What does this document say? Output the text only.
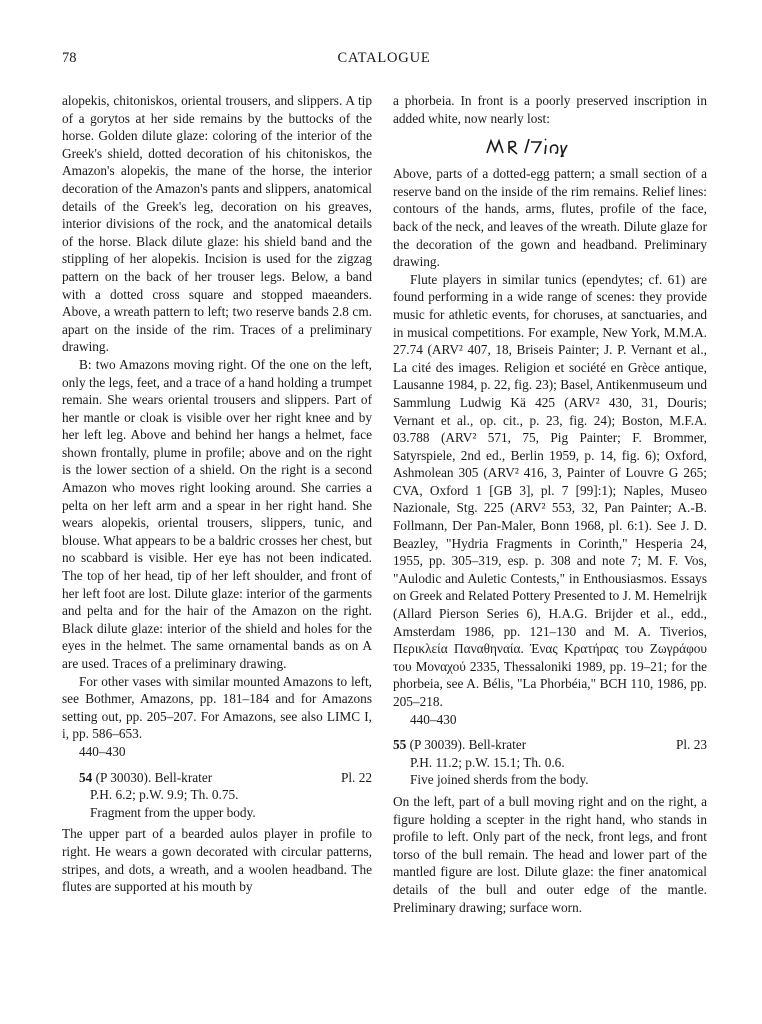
78	CATALOGUE

alopekis, chitoniskos, oriental trousers, and slippers. A tip of a gorytos at her side remains by the buttocks of the horse. Golden dilute glaze: coloring of the interior of the Greek's shield, dotted decoration of his chitoniskos, the Amazon's alopekis, the mane of the horse, the interior decoration of the Amazon's pants and slippers, anatomical details of the Greek's leg, decoration on his greaves, interior divisions of the rock, and the anatomical details of the horse. Black dilute glaze: his shield band and the stippling of her alopekis. Incision is used for the zigzag pattern on the back of her trouser legs. Below, a band with a dotted cross square and stopped maeanders. Above, a wreath pattern to left; two reserve bands 2.8 cm. apart on the inside of the rim. Traces of a preliminary drawing.

B: two Amazons moving right. Of the one on the left, only the legs, feet, and a trace of a hand holding a trumpet remain. She wears oriental trousers and slippers. Part of her mantle or cloak is visible over her right knee and by her left leg. Above and behind her hangs a helmet, face shown frontally, plume in profile; above and on the right is the lower section of a shield. On the right is a second Amazon who moves right looking around. She carries a pelta on her left arm and a spear in her right hand. She wears alopekis, oriental trousers, slippers, tunic, and blouse. What appears to be a baldric crosses her chest, but no scabbard is visible. Her eye has not been indicated. The top of her head, tip of her left shoulder, and front of her left foot are lost. Dilute glaze: interior of the garments and pelta and for the hair of the Amazon on the right. Black dilute glaze: interior of the shield and holes for the eyes in the helmet. The same ornamental bands as on A are used. Traces of a preliminary drawing.

For other vases with similar mounted Amazons to left, see Bothmer, Amazons, pp. 181–184 and for Amazons setting out, pp. 205–207. For Amazons, see also LIMC I, i, pp. 586–653.

440–430

54 (P 30030). Bell-krater	Pl. 22

P.H. 6.2; p.W. 9.9; Th. 0.75.

Fragment from the upper body.

The upper part of a bearded aulos player in profile to right. He wears a gown decorated with circular patterns, stripes, and dots, a wreath, and a woolen headband. The flutes are supported at his mouth by

a phorbeia. In front is a poorly preserved inscription in added white, now nearly lost:

Above, parts of a dotted-egg pattern; a small section of a reserve band on the inside of the rim remains. Relief lines: contours of the hands, arms, flutes, profile of the face, back of the neck, and leaves of the wreath. Dilute glaze for the decoration of the gown and headband. Preliminary drawing.

Flute players in similar tunics (ependytes; cf. 61) are found performing in a wide range of scenes: they provide music for athletic events, for choruses, at sanctuaries, and in musical competitions. For example, New York, M.M.A. 27.74 (ARV² 407, 18, Briseis Painter; J. P. Vernant et al., La cité des images. Religion et société en Grèce antique, Lausanne 1984, p. 22, fig. 23); Basel, Antikenmuseum und Sammlung Ludwig Kä 425 (ARV² 430, 31, Douris; Vernant et al., op. cit., p. 23, fig. 24); Boston, M.F.A. 03.788 (ARV² 571, 75, Pig Painter; F. Brommer, Satyrspiele, 2nd ed., Berlin 1959, p. 14, fig. 6); Oxford, Ashmolean 305 (ARV² 416, 3, Painter of Louvre G 265; CVA, Oxford 1 [GB 3], pl. 7 [99]:1); Naples, Museo Nazionale, Stg. 225 (ARV² 553, 32, Pan Painter; A.-B. Follmann, Der Pan-Maler, Bonn 1968, pl. 6:1). See J. D. Beazley, "Hydria Fragments in Corinth," Hesperia 24, 1955, pp. 305–319, esp. p. 308 and note 7; M. F. Vos, "Aulodic and Auletic Contests," in Enthousiasmos. Essays on Greek and Related Pottery Presented to J. M. Hemelrijk (Allard Pierson Series 6), H.A.G. Brijder et al., edd., Amsterdam 1986, pp. 121–130 and M. A. Tiverios, Περικλεία Παναθηναία. Ένας Κρατήρας του Ζωγράφου του Μοναχού 2335, Thessaloniki 1989, pp. 19–21; for the phorbeia, see A. Bélis, "La Phorbéia," BCH 110, 1986, pp. 205–218.

440–430

55 (P 30039). Bell-krater	Pl. 23

P.H. 11.2; p.W. 15.1; Th. 0.6.

Five joined sherds from the body.

On the left, part of a bull moving right and on the right, a figure holding a scepter in the right hand, who stands in profile to left. Only part of the neck, front legs, and front torso of the bull remain. The head and lower part of the mantled figure are lost. Dilute glaze: the finer anatomical details of the bull and outer edge of the mantle. Preliminary drawing; surface worn.
